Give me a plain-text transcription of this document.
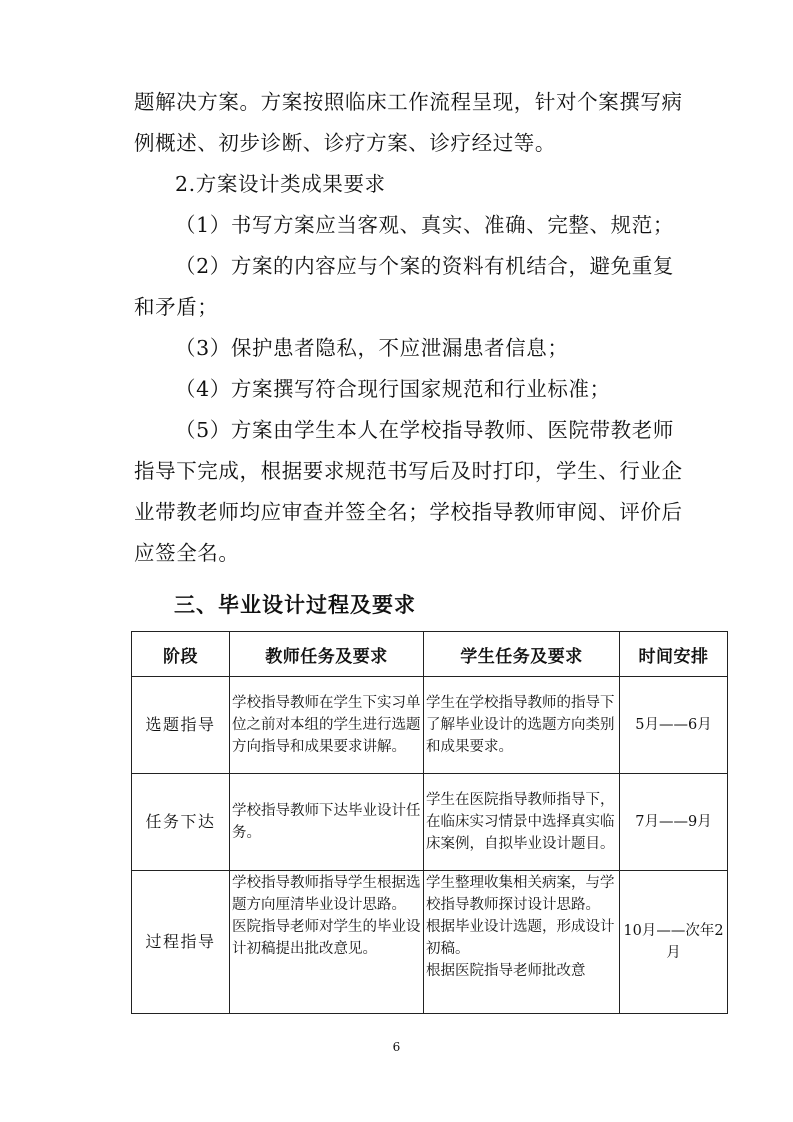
题解决方案。方案按照临床工作流程呈现，针对个案撰写病例概述、初步诊断、诊疗方案、诊疗经过等。

2.方案设计类成果要求

（1）书写方案应当客观、真实、准确、完整、规范；

（2）方案的内容应与个案的资料有机结合，避免重复和矛盾；

（3）保护患者隐私，不应泄漏患者信息；

（4）方案撰写符合现行国家规范和行业标准；

（5）方案由学生本人在学校指导教师、医院带教老师指导下完成，根据要求规范书写后及时打印，学生、行业企业带教老师均应审查并签全名；学校指导教师审阅、评价后应签全名。

三、毕业设计过程及要求
阶段	教师任务及要求	学生任务及要求	时间安排
选题指导	学校指导教师在学生下实习单位之前对本组的学生进行选题方向指导和成果要求讲解。	学生在学校指导教师的指导下了解毕业设计的选题方向类别和成果要求。	5月——6月
任务下达	学校指导教师下达毕业设计任务。	学生在医院指导教师指导下，在临床实习情景中选择真实临床案例，自拟毕业设计题目。	7月——9月
过程指导	学校指导教师指导学生根据选题方向厘清毕业设计思路。
医院指导老师对学生的毕业设计初稿提出批改意见。	学生整理收集相关病案，与学校指导教师探讨设计思路。
根据毕业设计选题，形成设计初稿。
根据医院指导老师批改意	10月——次年2月
6
